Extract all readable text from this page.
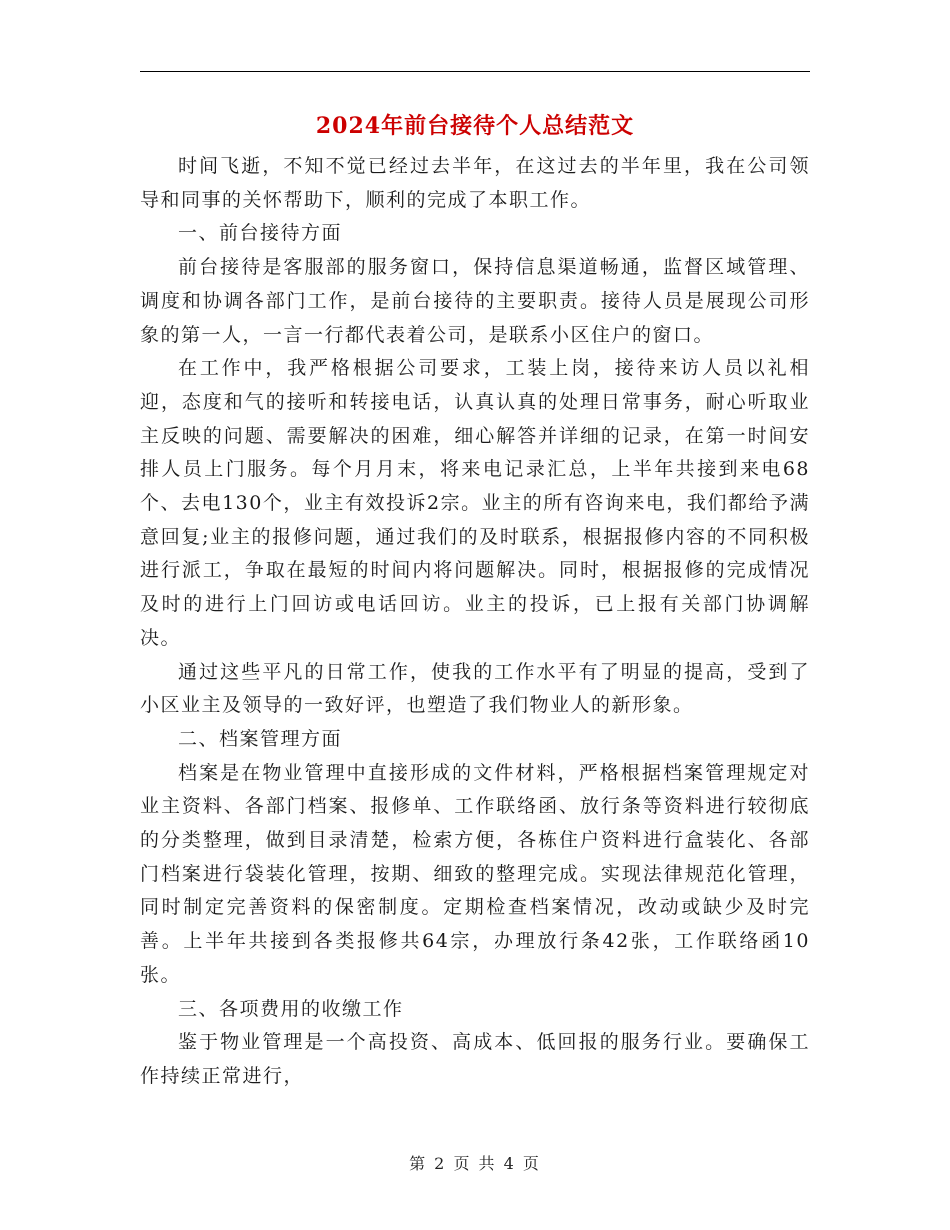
2024年前台接待个人总结范文

时间飞逝，不知不觉已经过去半年，在这过去的半年里，我在公司领导和同事的关怀帮助下，顺利的完成了本职工作。

一、前台接待方面

前台接待是客服部的服务窗口，保持信息渠道畅通，监督区域管理、调度和协调各部门工作，是前台接待的主要职责。接待人员是展现公司形象的第一人，一言一行都代表着公司，是联系小区住户的窗口。

在工作中，我严格根据公司要求，工装上岗，接待来访人员以礼相迎，态度和气的接听和转接电话，认真认真的处理日常事务，耐心听取业主反映的问题、需要解决的困难，细心解答并详细的记录，在第一时间安排人员上门服务。每个月月末，将来电记录汇总，上半年共接到来电68个、去电130个，业主有效投诉2宗。业主的所有咨询来电，我们都给予满意回复;业主的报修问题，通过我们的及时联系，根据报修内容的不同积极进行派工，争取在最短的时间内将问题解决。同时，根据报修的完成情况及时的进行上门回访或电话回访。业主的投诉，已上报有关部门协调解决。

通过这些平凡的日常工作，使我的工作水平有了明显的提高，受到了小区业主及领导的一致好评，也塑造了我们物业人的新形象。

二、档案管理方面

档案是在物业管理中直接形成的文件材料，严格根据档案管理规定对业主资料、各部门档案、报修单、工作联络函、放行条等资料进行较彻底的分类整理，做到目录清楚，检索方便，各栋住户资料进行盒装化、各部门档案进行袋装化管理，按期、细致的整理完成。实现法律规范化管理，同时制定完善资料的保密制度。定期检查档案情况，改动或缺少及时完善。上半年共接到各类报修共64宗，办理放行条42张，工作联络函10张。

三、各项费用的收缴工作

鉴于物业管理是一个高投资、高成本、低回报的服务行业。要确保工作持续正常进行，

第 2 页 共 4 页
